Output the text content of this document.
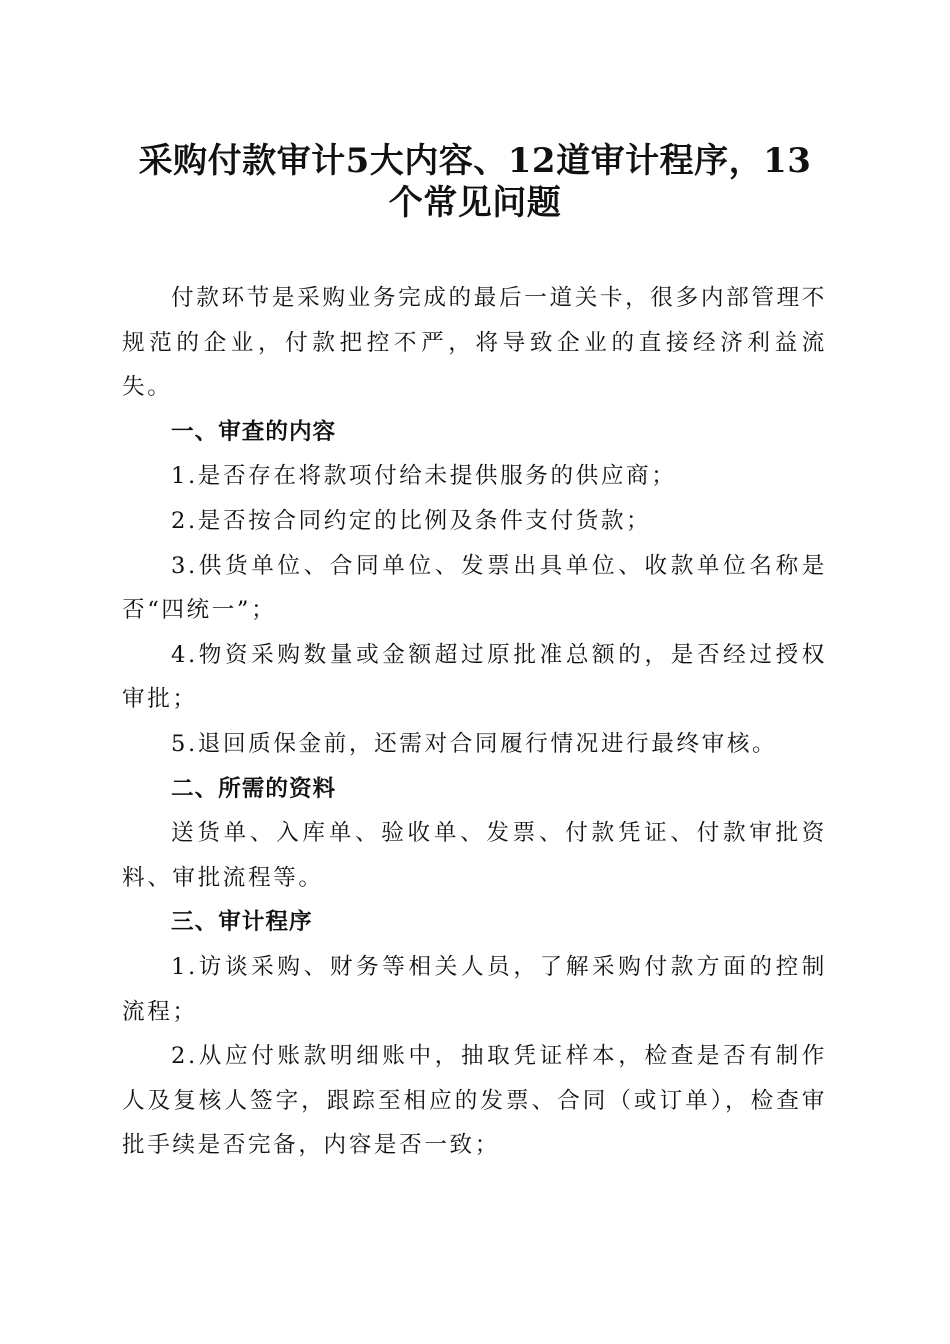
采购付款审计5大内容、12道审计程序，13
个常见问题

付款环节是采购业务完成的最后一道关卡，很多内部管理不规范的企业，付款把控不严，将导致企业的直接经济利益流失。

一、审查的内容

1.是否存在将款项付给未提供服务的供应商；

2.是否按合同约定的比例及条件支付货款；

3.供货单位、合同单位、发票出具单位、收款单位名称是否“四统一”；

4.物资采购数量或金额超过原批准总额的，是否经过授权审批；

5.退回质保金前，还需对合同履行情况进行最终审核。

二、所需的资料

送货单、入库单、验收单、发票、付款凭证、付款审批资料、审批流程等。

三、审计程序

1.访谈采购、财务等相关人员，了解采购付款方面的控制流程；

2.从应付账款明细账中，抽取凭证样本，检查是否有制作人及复核人签字，跟踪至相应的发票、合同（或订单），检查审批手续是否完备，内容是否一致；
